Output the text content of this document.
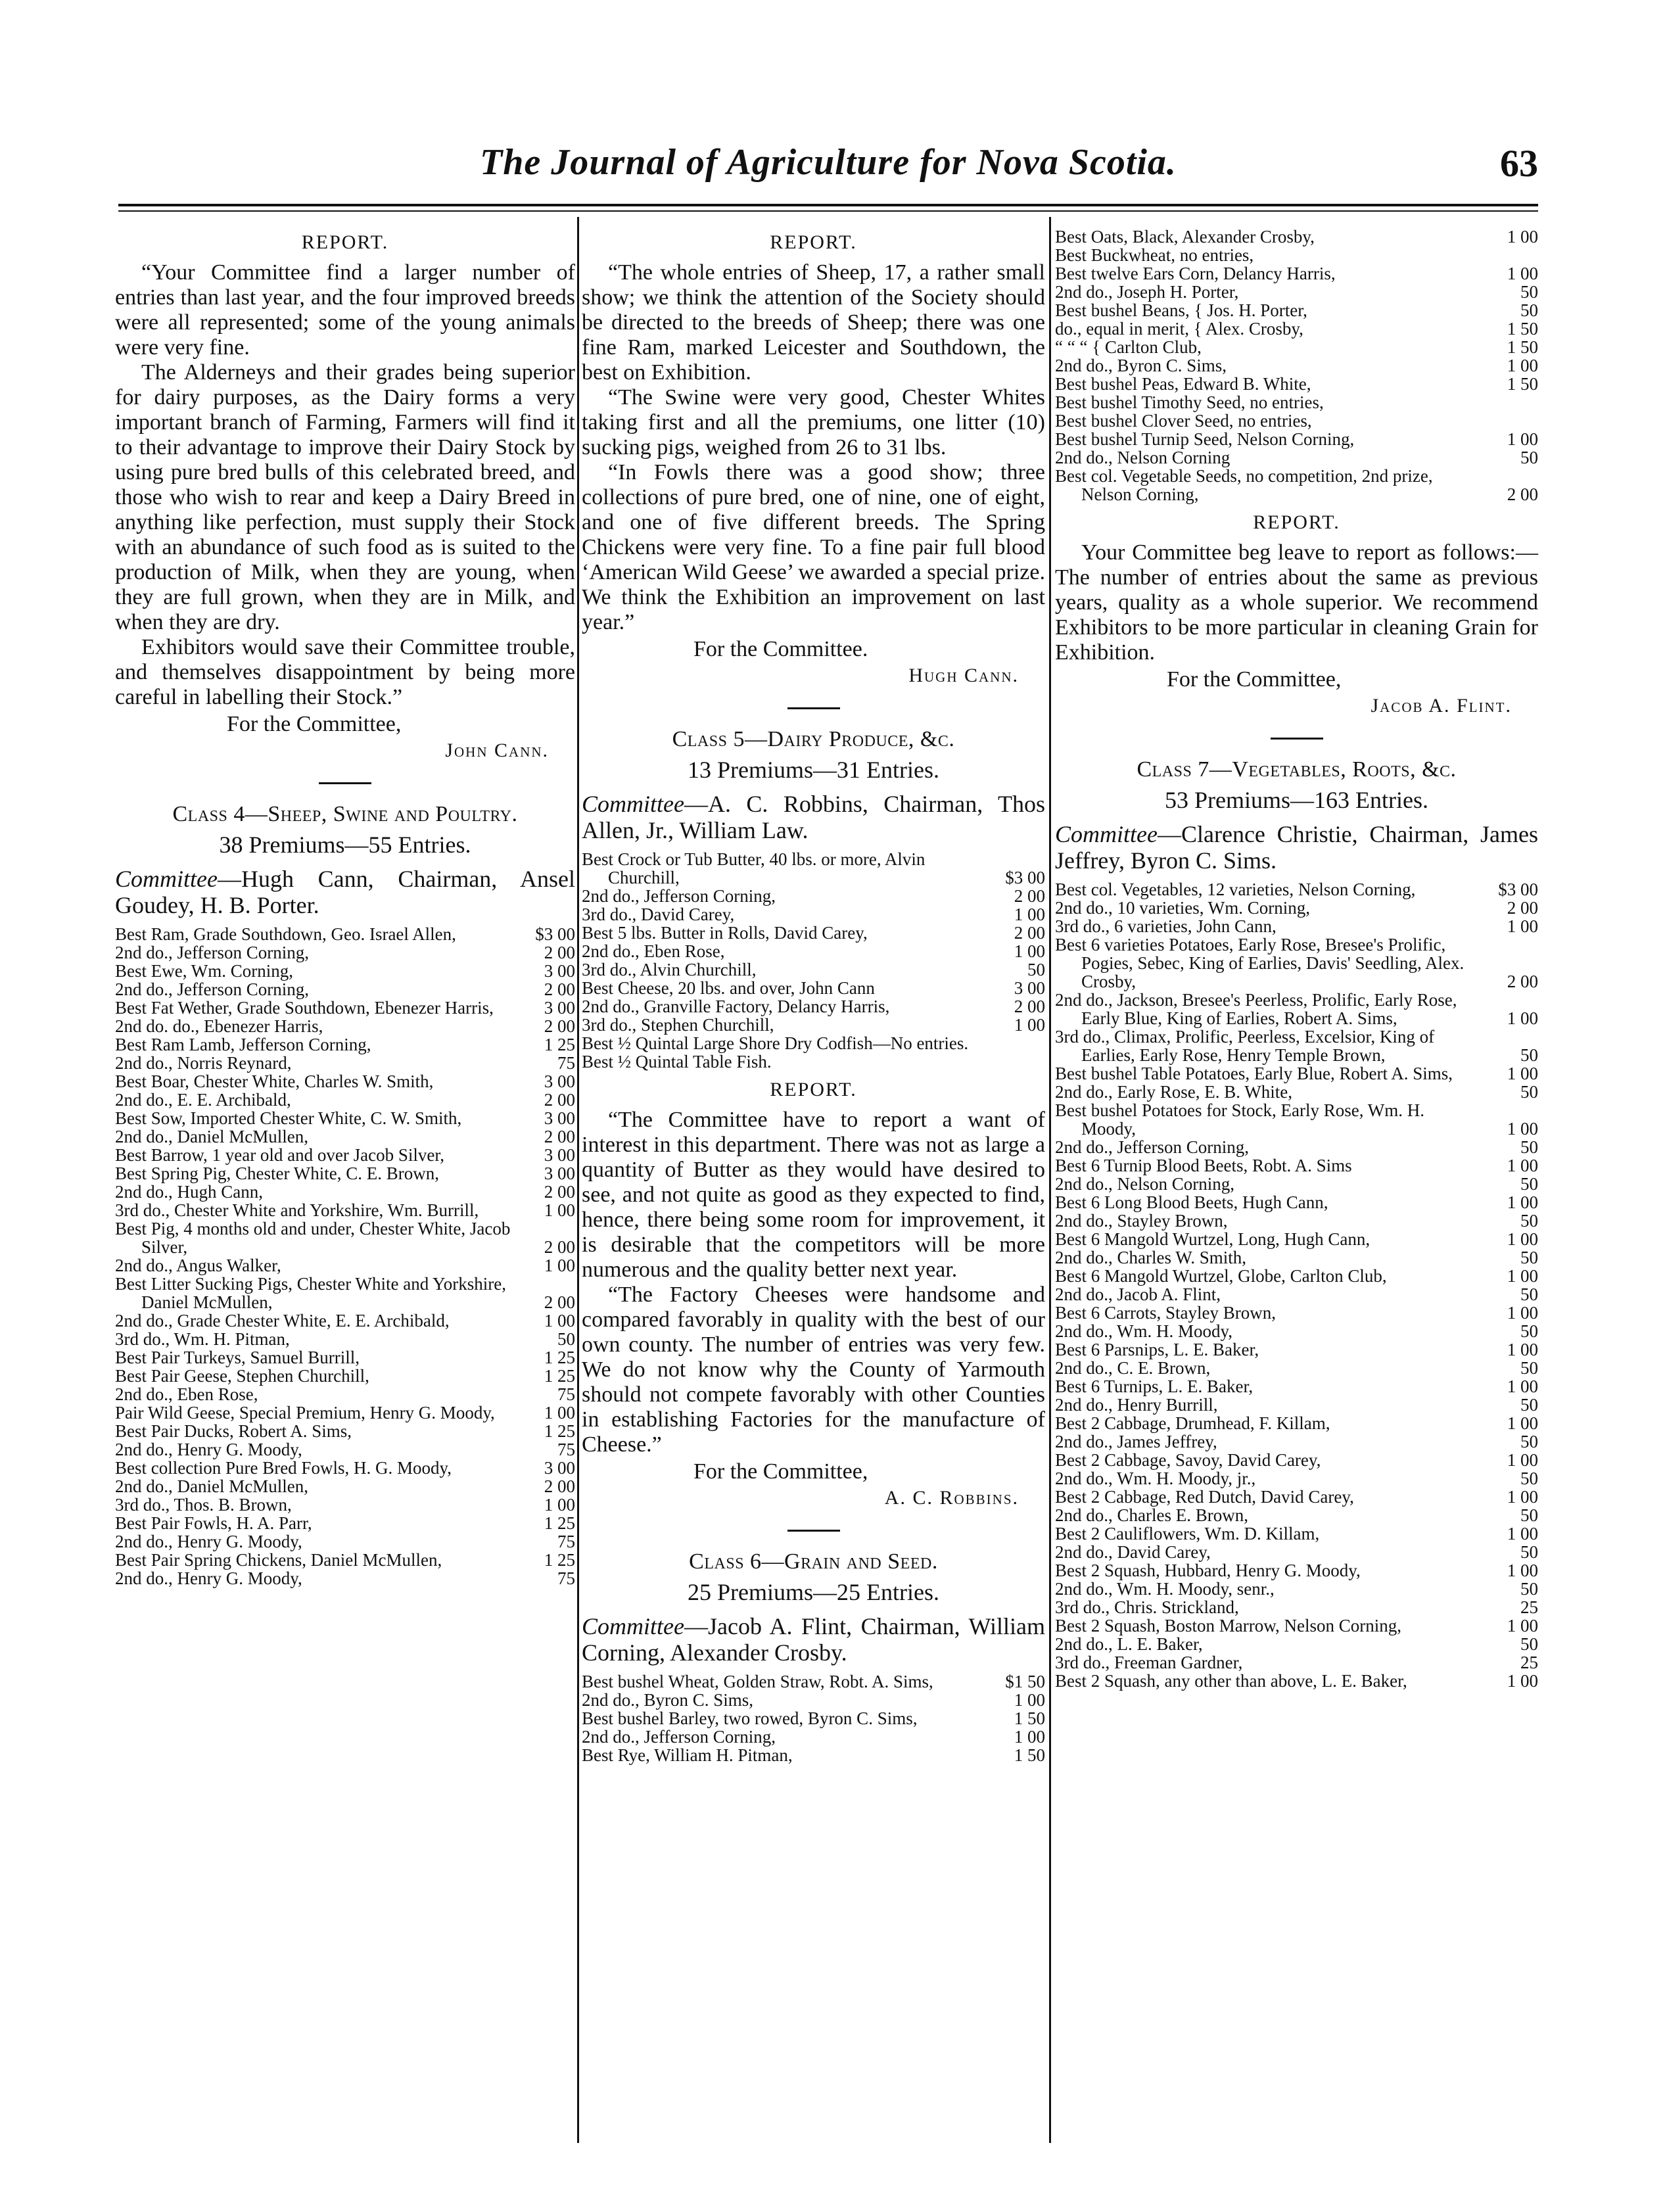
The Journal of Agriculture for Nova Scotia.	63
REPORT.

“Your Committee find a larger number of entries than last year, and the four improved breeds were all represented; some of the young animals were very fine.

The Alderneys and their grades being superior for dairy purposes, as the Dairy forms a very important branch of Farming, Farmers will find it to their advantage to improve their Dairy Stock by using pure bred bulls of this celebrated breed, and those who wish to rear and keep a Dairy Breed in anything like perfection, must supply their Stock with an abundance of such food as is suited to the production of Milk, when they are young, when they are full grown, when they are in Milk, and when they are dry.

Exhibitors would save their Committee trouble, and themselves disappointment by being more careful in labelling their Stock.”

For the Committee,
John Cann.
Class 4—Sheep, Swine and Poultry.
38 Premiums—55 Entries.
Committee—Hugh Cann, Chairman, Ansel Goudey, H. B. Porter.
Best Ram, Grade Southdown, Geo. Israel Allen,	$3 00
2nd do., Jefferson Corning,	2 00
Best Ewe, Wm. Corning,	3 00
2nd do., Jefferson Corning,	2 00
Best Fat Wether, Grade Southdown, Ebenezer Harris,	3 00
2nd do. do., Ebenezer Harris,	2 00
Best Ram Lamb, Jefferson Corning,	1 25
2nd do., Norris Reynard,	75
Best Boar, Chester White, Charles W. Smith,	3 00
2nd do., E. E. Archibald,	2 00
Best Sow, Imported Chester White, C. W. Smith,	3 00
2nd do., Daniel McMullen,	2 00
Best Barrow, 1 year old and over Jacob Silver,	3 00
Best Spring Pig, Chester White, C. E. Brown,	3 00
2nd do., Hugh Cann,	2 00
3rd do., Chester White and Yorkshire, Wm. Burrill,	1 00
Best Pig, 4 months old and under, Chester White, Jacob Silver,	2 00
2nd do., Angus Walker,	1 00
Best Litter Sucking Pigs, Chester White and Yorkshire, Daniel McMullen,	2 00
2nd do., Grade Chester White, E. E. Archibald,	1 00
3rd do., Wm. H. Pitman,	50
Best Pair Turkeys, Samuel Burrill,	1 25
Best Pair Geese, Stephen Churchill,	1 25
2nd do., Eben Rose,	75
Pair Wild Geese, Special Premium, Henry G. Moody,	1 00
Best Pair Ducks, Robert A. Sims,	1 25
2nd do., Henry G. Moody,	75
Best collection Pure Bred Fowls, H. G. Moody,	3 00
2nd do., Daniel McMullen,	2 00
3rd do., Thos. B. Brown,	1 00
Best Pair Fowls, H. A. Parr,	1 25
2nd do., Henry G. Moody,	75
Best Pair Spring Chickens, Daniel McMullen,	1 25
2nd do., Henry G. Moody,	75
REPORT.

“The whole entries of Sheep, 17, a rather small show; we think the attention of the Society should be directed to the breeds of Sheep; there was one fine Ram, marked Leicester and Southdown, the best on Exhibition.

“The Swine were very good, Chester Whites taking first and all the premiums, one litter (10) sucking pigs, weighed from 26 to 31 lbs.

“In Fowls there was a good show; three collections of pure bred, one of nine, one of eight, and one of five different breeds. The Spring Chickens were very fine. To a fine pair full blood ‘American Wild Geese’ we awarded a special prize. We think the Exhibition an improvement on last year.”

For the Committee.
Hugh Cann.
Class 5—Dairy Produce, &c.
13 Premiums—31 Entries.
Committee—A. C. Robbins, Chairman, Thos Allen, Jr., William Law.
Best Crock or Tub Butter, 40 lbs. or more, Alvin Churchill,	$3 00
2nd do., Jefferson Corning,	2 00
3rd do., David Carey,	1 00
Best 5 lbs. Butter in Rolls, David Carey,	2 00
2nd do., Eben Rose,	1 00
3rd do., Alvin Churchill,	50
Best Cheese, 20 lbs. and over, John Cann	3 00
2nd do., Granville Factory, Delancy Harris,	2 00
3rd do., Stephen Churchill,	1 00
Best ½ Quintal Large Shore Dry Codfish—No entries.
Best ½ Quintal Table Fish.
REPORT.

“The Committee have to report a want of interest in this department. There was not as large a quantity of Butter as they would have desired to see, and not quite as good as they expected to find, hence, there being some room for improvement, it is desirable that the competitors will be more numerous and the quality better next year.

“The Factory Cheeses were handsome and compared favorably in quality with the best of our own county. The number of entries was very few. We do not know why the County of Yarmouth should not compete favorably with other Counties in establishing Factories for the manufacture of Cheese.”

For the Committee,
A. C. Robbins.
Class 6—Grain and Seed.
25 Premiums—25 Entries.
Committee—Jacob A. Flint, Chairman, William Corning, Alexander Crosby.
Best bushel Wheat, Golden Straw, Robt. A. Sims,	$1 50
2nd do., Byron C. Sims,	1 00
Best bushel Barley, two rowed, Byron C. Sims,	1 50
2nd do., Jefferson Corning,	1 00
Best Rye, William H. Pitman,	1 50
Best Oats, Black, Alexander Crosby,	1 00
Best Buckwheat, no entries,
Best twelve Ears Corn, Delancy Harris,	1 00
2nd do., Joseph H. Porter,	50
Best bushel Beans, { Jos. H. Porter,	50
do., equal in merit, { Alex. Crosby,	1 50
“ “ “ { Carlton Club,	1 50
2nd do., Byron C. Sims,	1 00
Best bushel Peas, Edward B. White,	1 50
Best bushel Timothy Seed, no entries,
Best bushel Clover Seed, no entries,
Best bushel Turnip Seed, Nelson Corning,	1 00
2nd do., Nelson Corning	50
Best col. Vegetable Seeds, no competition, 2nd prize, Nelson Corning,	2 00
REPORT.

Your Committee beg leave to report as follows:—The number of entries about the same as previous years, quality as a whole superior. We recommend Exhibitors to be more particular in cleaning Grain for Exhibition.

For the Committee,
Jacob A. Flint.
Class 7—Vegetables, Roots, &c.
53 Premiums—163 Entries.
Committee—Clarence Christie, Chairman, James Jeffrey, Byron C. Sims.
Best col. Vegetables, 12 varieties, Nelson Corning,	$3 00
2nd do., 10 varieties, Wm. Corning,	2 00
3rd do., 6 varieties, John Cann,	1 00
Best 6 varieties Potatoes, Early Rose, Bresee's Prolific, Pogies, Sebec, King of Earlies, Davis' Seedling, Alex. Crosby,	2 00
2nd do., Jackson, Bresee's Peerless, Prolific, Early Rose, Early Blue, King of Earlies, Robert A. Sims,	1 00
3rd do., Climax, Prolific, Peerless, Excelsior, King of Earlies, Early Rose, Henry Temple Brown,	50
Best bushel Table Potatoes, Early Blue, Robert A. Sims,	1 00
2nd do., Early Rose, E. B. White,	50
Best bushel Potatoes for Stock, Early Rose, Wm. H. Moody,	1 00
2nd do., Jefferson Corning,	50
Best 6 Turnip Blood Beets, Robt. A. Sims	1 00
2nd do., Nelson Corning,	50
Best 6 Long Blood Beets, Hugh Cann,	1 00
2nd do., Stayley Brown,	50
Best 6 Mangold Wurtzel, Long, Hugh Cann,	1 00
2nd do., Charles W. Smith,	50
Best 6 Mangold Wurtzel, Globe, Carlton Club,	1 00
2nd do., Jacob A. Flint,	50
Best 6 Carrots, Stayley Brown,	1 00
2nd do., Wm. H. Moody,	50
Best 6 Parsnips, L. E. Baker,	1 00
2nd do., C. E. Brown,	50
Best 6 Turnips, L. E. Baker,	1 00
2nd do., Henry Burrill,	50
Best 2 Cabbage, Drumhead, F. Killam,	1 00
2nd do., James Jeffrey,	50
Best 2 Cabbage, Savoy, David Carey,	1 00
2nd do., Wm. H. Moody, jr.,	50
Best 2 Cabbage, Red Dutch, David Carey,	1 00
2nd do., Charles E. Brown,	50
Best 2 Cauliflowers, Wm. D. Killam,	1 00
2nd do., David Carey,	50
Best 2 Squash, Hubbard, Henry G. Moody,	1 00
2nd do., Wm. H. Moody, senr.,	50
3rd do., Chris. Strickland,	25
Best 2 Squash, Boston Marrow, Nelson Corning,	1 00
2nd do., L. E. Baker,	50
3rd do., Freeman Gardner,	25
Best 2 Squash, any other than above, L. E. Baker,	1 00
